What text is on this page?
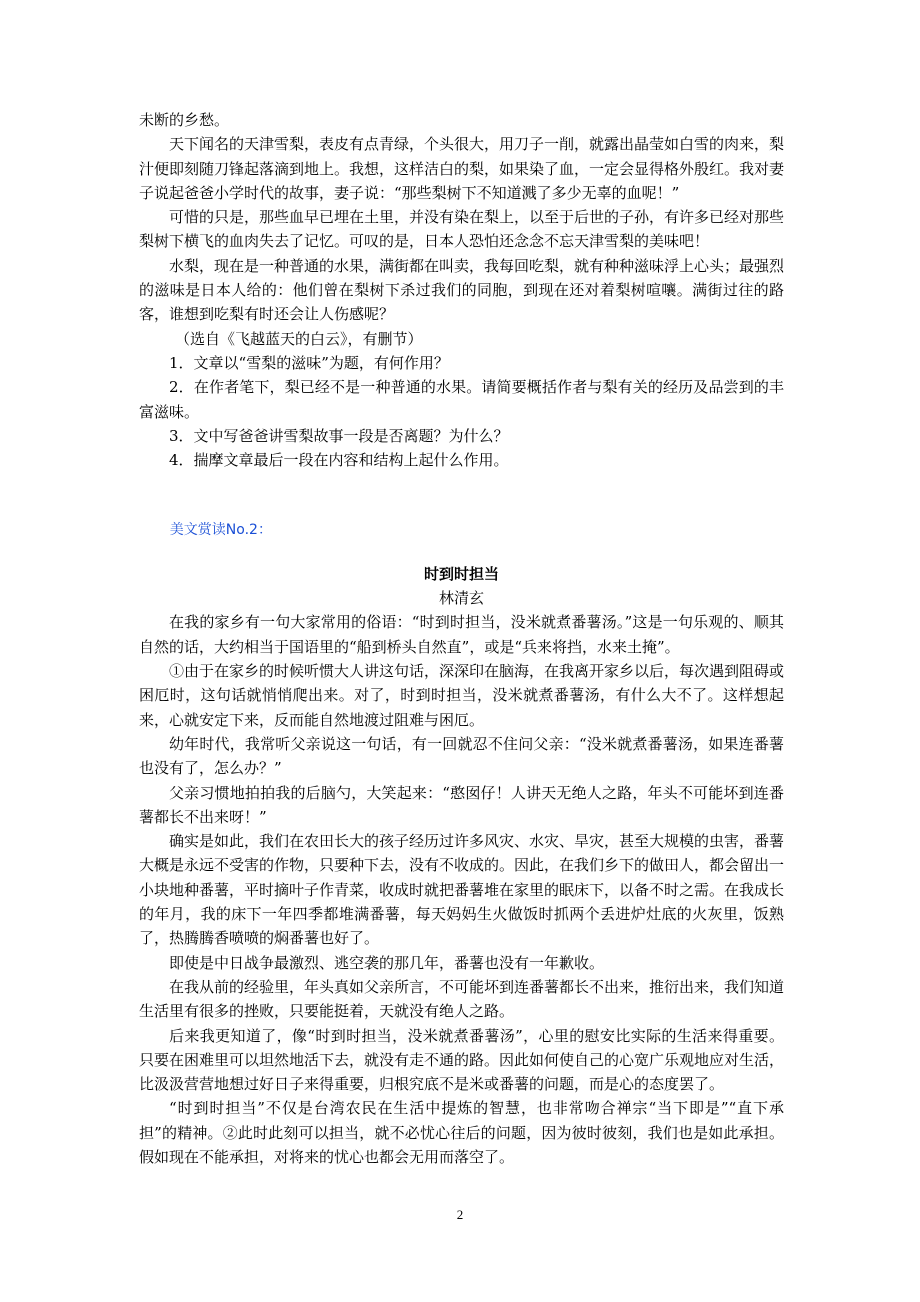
未断的乡愁。

天下闻名的天津雪梨，表皮有点青绿，个头很大，用刀子一削，就露出晶莹如白雪的肉来，梨汁便即刻随刀锋起落滴到地上。我想，这样洁白的梨，如果染了血，一定会显得格外殷红。我对妻子说起爸爸小学时代的故事，妻子说：“那些梨树下不知道溅了多少无辜的血呢！”

可惜的只是，那些血早已埋在土里，并没有染在梨上，以至于后世的子孙，有许多已经对那些梨树下横飞的血肉失去了记忆。可叹的是，日本人恐怕还念念不忘天津雪梨的美味吧！

水梨，现在是一种普通的水果，满街都在叫卖，我每回吃梨，就有种种滋味浮上心头；最强烈的滋味是日本人给的：他们曾在梨树下杀过我们的同胞，到现在还对着梨树喧嚷。满街过往的路客，谁想到吃梨有时还会让人伤感呢？

（选自《飞越蓝天的白云》，有删节）

1．文章以“雪梨的滋味”为题，有何作用？

2．在作者笔下，梨已经不是一种普通的水果。请简要概括作者与梨有关的经历及品尝到的丰富滋味。

3．文中写爸爸讲雪梨故事一段是否离题？为什么？

4．揣摩文章最后一段在内容和结构上起什么作用。

美文赏读No.2：

时到时担当

林清玄

在我的家乡有一句大家常用的俗语：“时到时担当，没米就煮番薯汤。”这是一句乐观的、顺其自然的话，大约相当于国语里的“船到桥头自然直”，或是“兵来将挡，水来土掩”。

①由于在家乡的时候听惯大人讲这句话，深深印在脑海，在我离开家乡以后，每次遇到阻碍或困厄时，这句话就悄悄爬出来。对了，时到时担当，没米就煮番薯汤，有什么大不了。这样想起来，心就安定下来，反而能自然地渡过阻难与困厄。

幼年时代，我常听父亲说这一句话，有一回就忍不住问父亲：“没米就煮番薯汤，如果连番薯也没有了，怎么办？”

父亲习惯地拍拍我的后脑勺，大笑起来：“憨囡仔！人讲天无绝人之路，年头不可能坏到连番薯都长不出来呀！”

确实是如此，我们在农田长大的孩子经历过许多风灾、水灾、旱灾，甚至大规模的虫害，番薯大概是永远不受害的作物，只要种下去，没有不收成的。因此，在我们乡下的做田人，都会留出一小块地种番薯，平时摘叶子作青菜，收成时就把番薯堆在家里的眠床下，以备不时之需。在我成长的年月，我的床下一年四季都堆满番薯，每天妈妈生火做饭时抓两个丢进炉灶底的火灰里，饭熟了，热腾腾香喷喷的焖番薯也好了。

即使是中日战争最激烈、逃空袭的那几年，番薯也没有一年歉收。

在我从前的经验里，年头真如父亲所言，不可能坏到连番薯都长不出来，推衍出来，我们知道生活里有很多的挫败，只要能挺着，天就没有绝人之路。

后来我更知道了，像“时到时担当，没米就煮番薯汤”，心里的慰安比实际的生活来得重要。只要在困难里可以坦然地活下去，就没有走不通的路。因此如何使自己的心宽广乐观地应对生活，比汲汲营营地想过好日子来得重要，归根究底不是米或番薯的问题，而是心的态度罢了。

“时到时担当”不仅是台湾农民在生活中提炼的智慧，也非常吻合禅宗“当下即是”“直下承担”的精神。②此时此刻可以担当，就不必忧心往后的问题，因为彼时彼刻，我们也是如此承担。假如现在不能承担，对将来的忧心也都会无用而落空了。

2
